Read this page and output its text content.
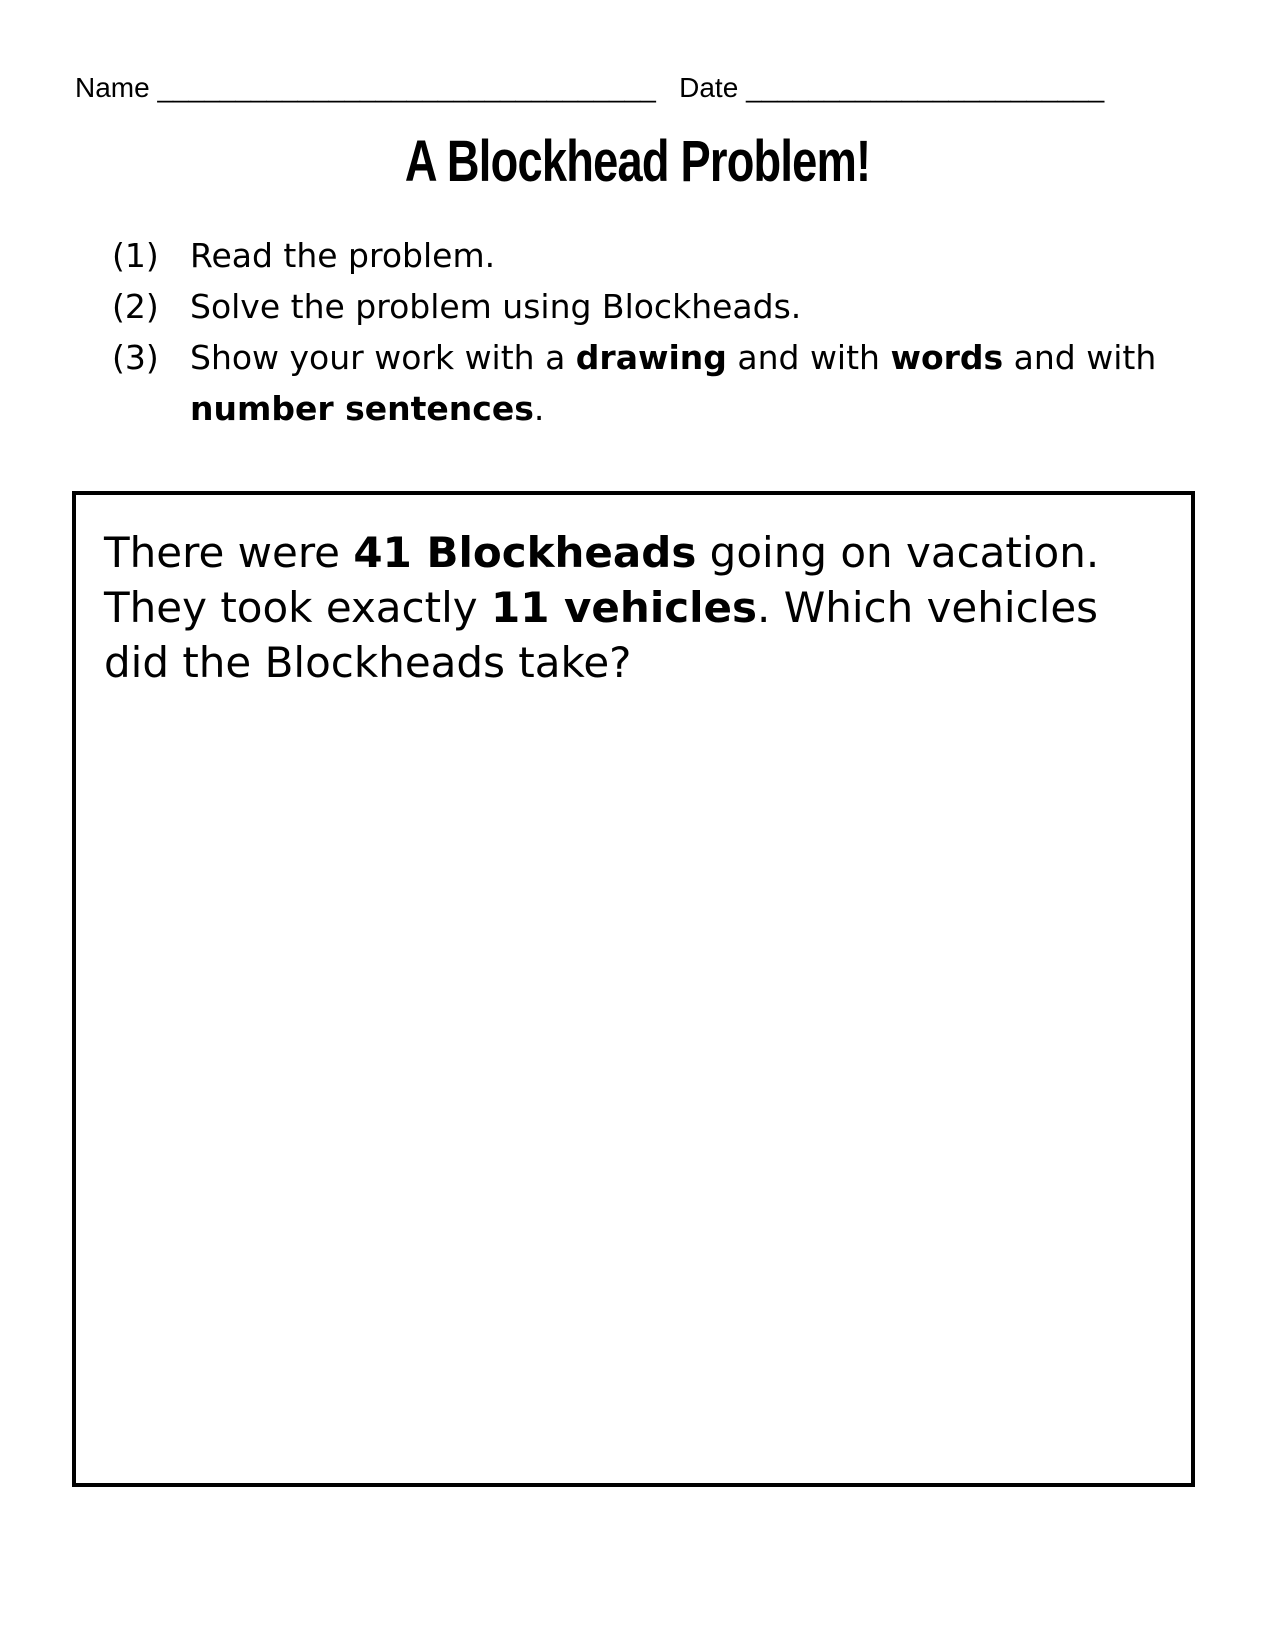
Name ________________________________ Date _______________________
A Blockhead Problem!
(1) Read the problem.
(2) Solve the problem using Blockheads.
(3) Show your work with a drawing and with words and with number sentences.
There were 41 Blockheads going on vacation. They took exactly 11 vehicles. Which vehicles did the Blockheads take?
